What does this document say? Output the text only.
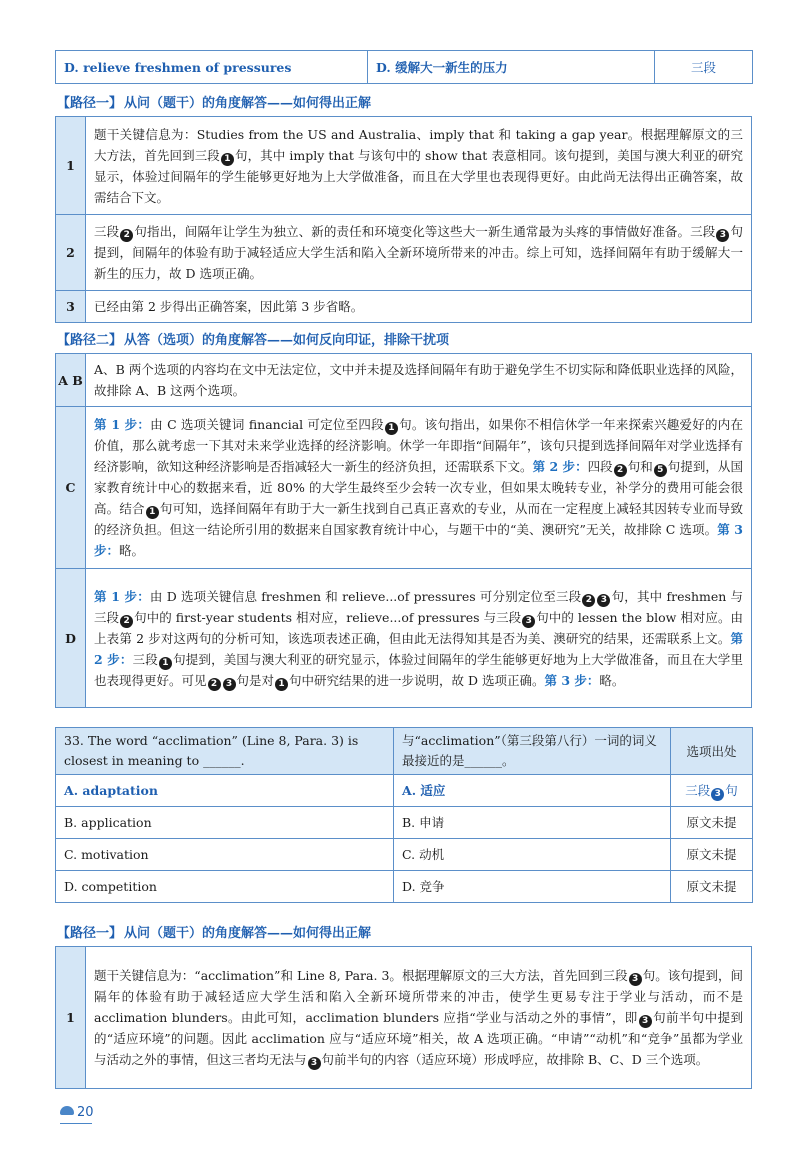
D. relieve freshmen of pressures	D. 缓解大一新生的压力	三段
【路径一】 从问（题干）的角度解答——如何得出正解
1	题干关键信息为：Studies from the US and Australia、imply that 和 taking a gap year。根据理解原文的三大方法，首先回到三段 1 句，其中 imply that 与该句中的 show that 表意相同。该句提到，美国与澳大利亚的研究显示，体验过间隔年的学生能够更好地为上大学做准备，而且在大学里也表现得更好。由此尚无法得出正确答案，故需结合下文。
2	三段 2 句指出，间隔年让学生为独立、新的责任和环境变化等这些大一新生通常最为头疼的事情做好准备。三段 3 句提到，间隔年的体验有助于减轻适应大学生活和陷入全新环境所带来的冲击。综上可知，选择间隔年有助于缓解大一新生的压力，故 D 选项正确。
3	已经由第 2 步得出正确答案，因此第 3 步省略。
【路径二】 从答（选项）的角度解答——如何反向印证，排除干扰项
A B	A、B 两个选项的内容均在文中无法定位，文中并未提及选择间隔年有助于避免学生不切实际和降低职业选择的风险，故排除 A、B 这两个选项。
C	第 1 步：由 C 选项关键词 financial 可定位至四段 1 句。该句指出，如果你不相信休学一年来探索兴趣爱好的内在价值，那么就考虑一下其对未来学业选择的经济影响。休学一年即指“间隔年”，该句只提到选择间隔年对学业选择有经济影响，欲知这种经济影响是否指减轻大一新生的经济负担，还需联系下文。第 2 步：四段 2 句和 5 句提到，从国家教育统计中心的数据来看，近 80% 的大学生最终至少会转一次专业，但如果太晚转专业，补学分的费用可能会很高。结合 1 句可知，选择间隔年有助于大一新生找到自己真正喜欢的专业，从而在一定程度上减轻其因转专业而导致的经济负担。但这一结论所引用的数据来自国家教育统计中心，与题干中的“美、澳研究”无关，故排除 C 选项。第 3 步：略。
D	第 1 步：由 D 选项关键信息 freshmen 和 relieve...of pressures 可分别定位至三段 2 3 句，其中 freshmen 与三段 2 句中的 first-year students 相对应，relieve...of pressures 与三段 3 句中的 lessen the blow 相对应。由上表第 2 步对这两句的分析可知，该选项表述正确，但由此无法得知其是否为美、澳研究的结果，还需联系上文。第 2 步：三段 1 句提到，美国与澳大利亚的研究显示，体验过间隔年的学生能够更好地为上大学做准备，而且在大学里也表现得更好。可见 2 3 句是对 1 句中研究结果的进一步说明，故 D 选项正确。第 3 步：略。
33. The word “acclimation” (Line 8, Para. 3) is closest in meaning to ______.	与“acclimation”（第三段第八行）一词的词义最接近的是______。	选项出处
A. adaptation	A. 适应	三段 3 句
B. application	B. 申请	原文未提
C. motivation	C. 动机	原文未提
D. competition	D. 竞争	原文未提
【路径一】 从问（题干）的角度解答——如何得出正解
1	题干关键信息为：“acclimation”和 Line 8, Para. 3。根据理解原文的三大方法，首先回到三段 3 句。该句提到，间隔年的体验有助于减轻适应大学生活和陷入全新环境所带来的冲击，使学生更易专注于学业与活动，而不是 acclimation blunders。由此可知，acclimation blunders 应指“学业与活动之外的事情”，即 3 句前半句中提到的“适应环境”的问题。因此 acclimation 应与“适应环境”相关，故 A 选项正确。“申请”“动机”和“竞争”虽都为学业与活动之外的事情，但这三者均无法与 3 句前半句的内容（适应环境）形成呼应，故排除 B、C、D 三个选项。
20
